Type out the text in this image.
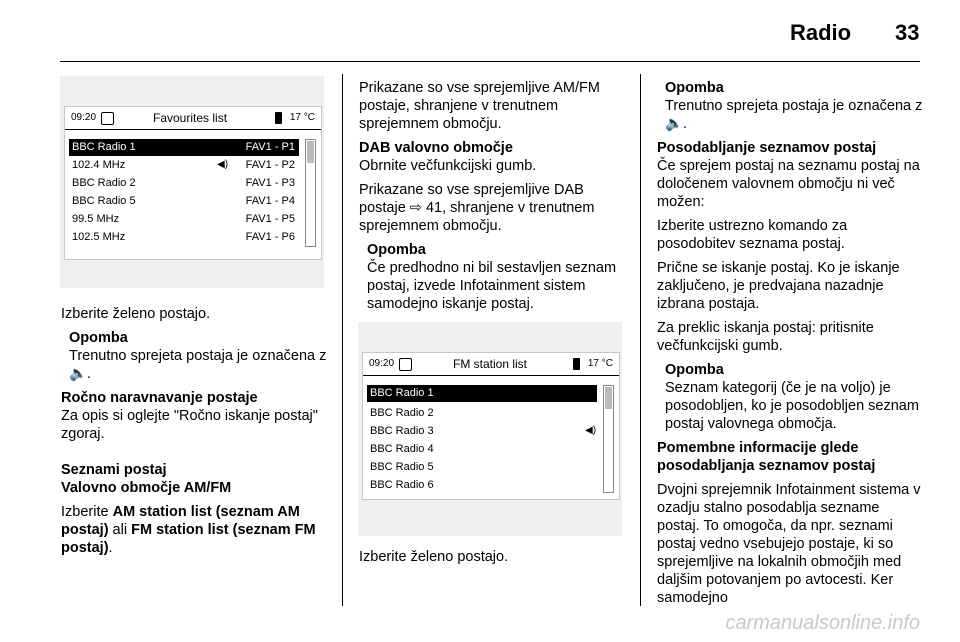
Radio 33
09:20	Favourites list	17 °C
BBC Radio 1	FAV1 - P1
102.4 MHz	◀) FAV1 - P2
BBC Radio 2	FAV1 - P3
BBC Radio 5	FAV1 - P4
99.5 MHz	FAV1 - P5
102.5 MHz	FAV1 - P6

Izberite želeno postajo.

Opomba
Trenutno sprejeta postaja je označena z 🔈.
Ročno naravnavanje postaje

Za opis si oglejte "Ročno iskanje postaj" zgoraj.

Seznami postaj
Valovno območje AM/FM

Izberite AM station list (seznam AM postaj) ali FM station list (seznam FM postaj).

Prikazane so vse sprejemljive AM/FM postaje, shranjene v trenutnem sprejemnem območju.

DAB valovno območje

Obrnite večfunkcijski gumb.

Prikazane so vse sprejemljive DAB postaje ⇨ 41, shranjene v trenutnem sprejemnem območju.

Opomba
Če predhodno ni bil sestavljen seznam postaj, izvede Infotainment sistem samodejno iskanje postaj.
09:20	FM station list	17 °C
BBC Radio 1
BBC Radio 2
BBC Radio 3	◀)
BBC Radio 4
BBC Radio 5
BBC Radio 6

Izberite želeno postajo.

Opomba
Trenutno sprejeta postaja je označena z 🔈.
Posodabljanje seznamov postaj

Če sprejem postaj na seznamu postaj na določenem valovnem območju ni več možen:

Izberite ustrezno komando za posodobitev seznama postaj.

Prične se iskanje postaj. Ko je iskanje zaključeno, je predvajana nazadnje izbrana postaja.

Za preklic iskanja postaj: pritisnite večfunkcijski gumb.

Opomba
Seznam kategorij (če je na voljo) je posodobljen, ko je posodobljen seznam postaj valovnega območja.
Pomembne informacije glede posodabljanja seznamov postaj

Dvojni sprejemnik Infotainment sistema v ozadju stalno posodablja sezname postaj. To omogoča, da npr. seznami postaj vedno vsebujejo postaje, ki so sprejemljive na lokalnih območjih med daljšim potovanjem po avtocesti. Ker samodejno

carmanualsonline.info
